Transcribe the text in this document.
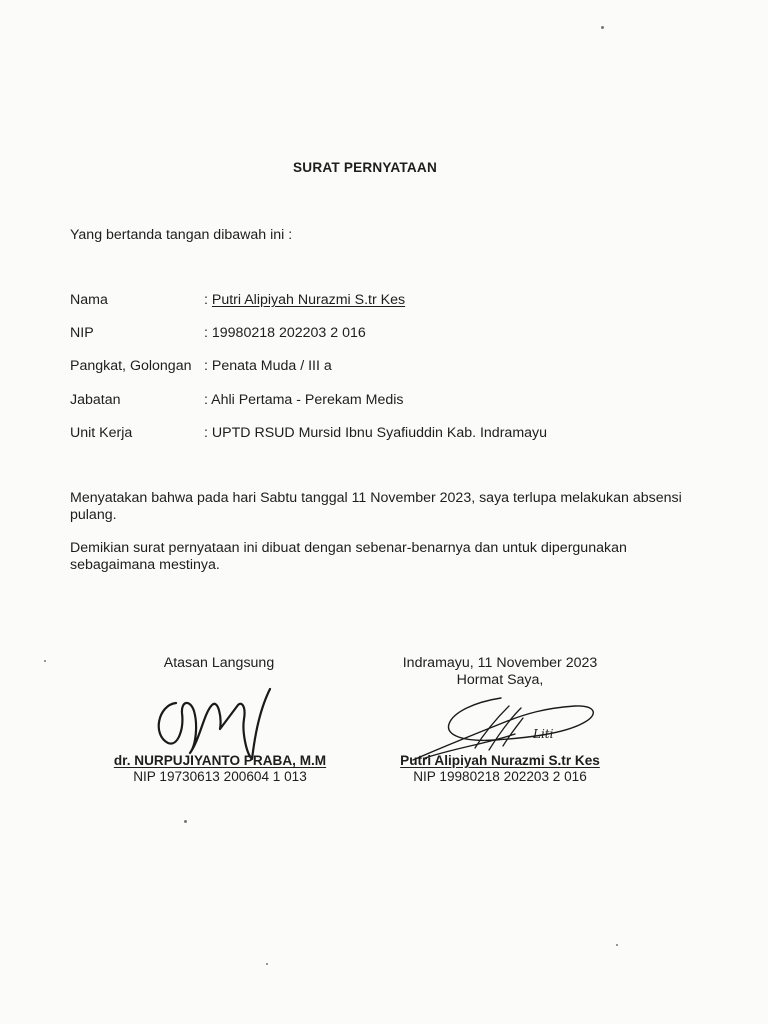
SURAT PERNYATAAN
Yang bertanda tangan dibawah ini :
Nama	: Putri Alipiyah Nurazmi S.tr Kes
NIP	: 19980218 202203 2 016
Pangkat, Golongan : Penata Muda / III a
Jabatan	: Ahli Pertama - Perekam Medis
Unit Kerja	: UPTD RSUD Mursid Ibnu Syafiuddin Kab. Indramayu
Menyatakan bahwa pada hari Sabtu tanggal 11 November 2023, saya terlupa melakukan absensi pulang.
Demikian surat pernyataan ini dibuat dengan sebenar-benarnya dan untuk dipergunakan sebagaimana mestinya.
Atasan Langsung
dr. NURPUJIYANTO PRABA, M.M
NIP 19730613 200604 1 013
Indramayu, 11 November 2023
Hormat Saya,
Liti
Putri Alipiyah Nurazmi S.tr Kes
NIP 19980218 202203 2 016
